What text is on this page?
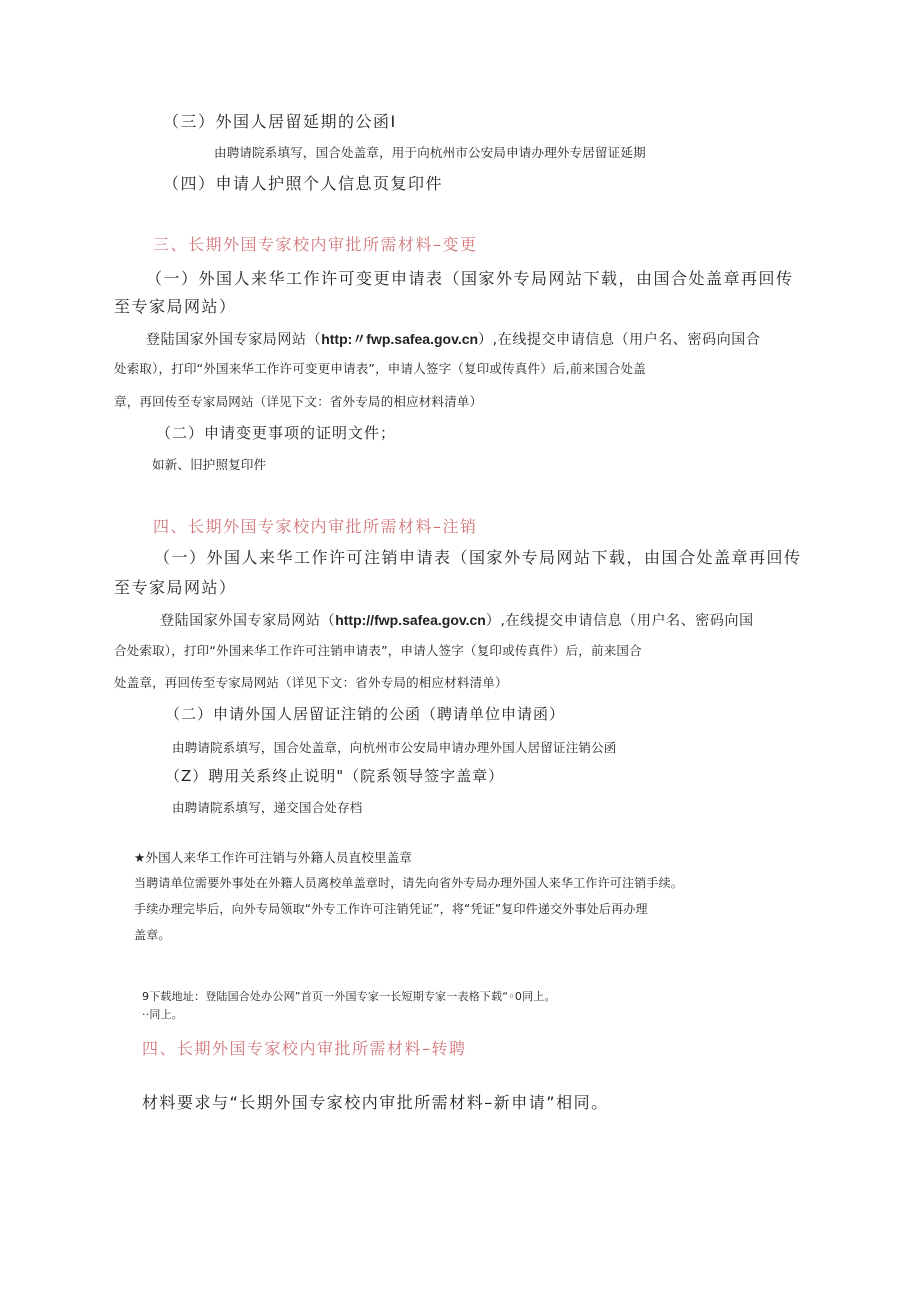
（三）外国人居留延期的公函Ⅰ
由聘请院系填写，国合处盖章，用于向杭州市公安局申请办理外专居留证延期
（四）申请人护照个人信息页复印件
三、长期外国专家校内审批所需材料–变更
（一）外国人来华工作许可变更申请表（国家外专局网站下载，由国合处盖章再回传
至专家局网站）
登陆国家外国专家局网站（http:〃fwp.safea.gov.cn）,在线提交申请信息（用户名、密码向国合
处索取），打印“外国来华工作许可变更申请表”，申请人签字（复印或传真件）后,前来国合处盖
章，再回传至专家局网站（详见下文：省外专局的相应材料清单）
（二）申请变更事项的证明文件；
如新、旧护照复印件
四、长期外国专家校内审批所需材料–注销
（一）外国人来华工作许可注销申请表（国家外专局网站下载，由国合处盖章再回传
至专家局网站）
登陆国家外国专家局网站（http://fwp.safea.gov.cn）,在线提交申请信息（用户名、密码向国
合处索取），打印“外国来华工作许可注销申请表”，申请人签字（复印或传真件）后，前来国合
处盖章，再回传至专家局网站（详见下文：省外专局的相应材料清单）
（二）申请外国人居留证注销的公函（聘请单位申请函）
由聘请院系填写，国合处盖章，向杭州市公安局申请办理外国人居留证注销公函
（Z）聘用关系终止说明"（院系领导签字盖章）
由聘请院系填写，递交国合处存档
★外国人来华工作许可注销与外籍人员直校里盖章
当聘请单位需要外事处在外籍人员离校单盖章时，请先向省外专局办理外国人来华工作许可注销手续。
手续办理完毕后，向外专局领取“外专工作许可注销凭证”，将“凭证”复印件递交外事处后再办理
盖章。
9下载地址：登陆国合处办公网”首页一外国专家一长短期专家一表格下载“◦0同上。
··同上。
四、长期外国专家校内审批所需材料–转聘
材料要求与“长期外国专家校内审批所需材料–新申请”相同。
